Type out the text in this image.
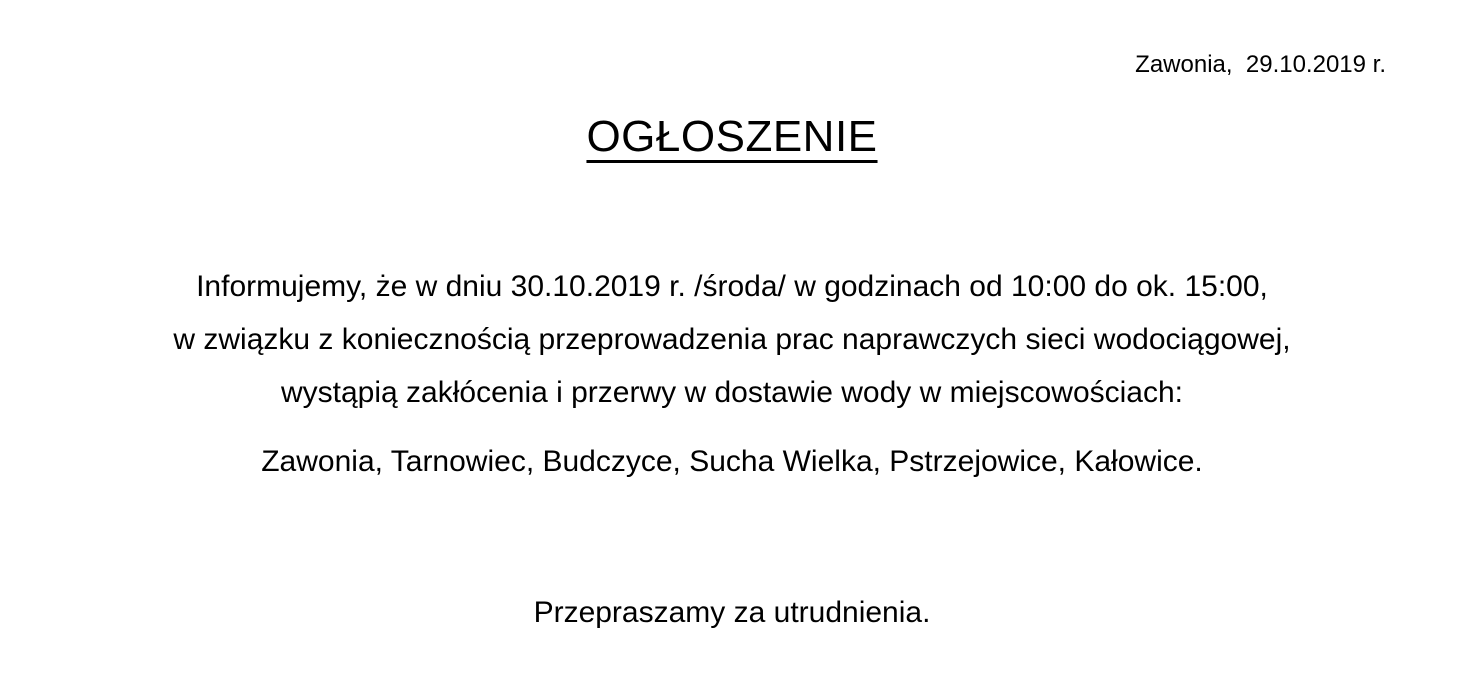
Zawonia,  29.10.2019 r.
OGŁOSZENIE

Informujemy, że w dniu 30.10.2019 r. /środa/ w godzinach od 10:00 do ok. 15:00,

w związku z koniecznością przeprowadzenia prac naprawczych sieci wodociągowej,

wystąpią zakłócenia i przerwy w dostawie wody w miejscowościach:

Zawonia, Tarnowiec, Budczyce, Sucha Wielka, Pstrzejowice, Kałowice.

Przepraszamy za utrudnienia.
